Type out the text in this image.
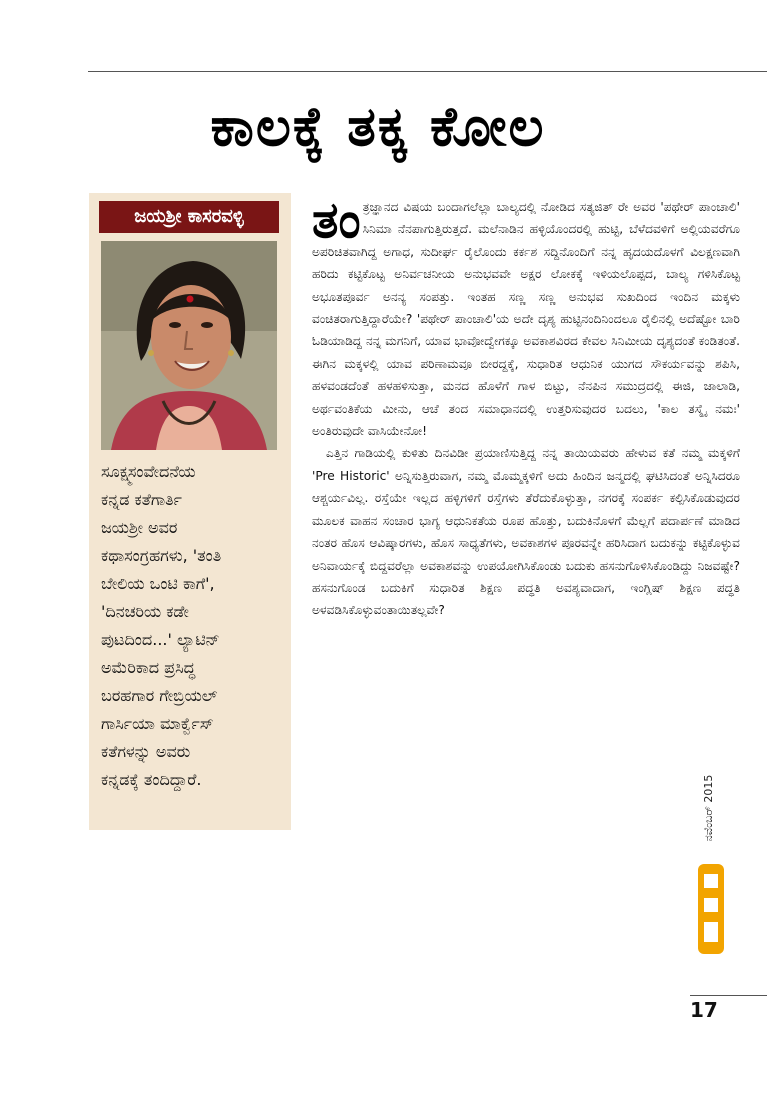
ಕಾಲಕ್ಕೆ ತಕ್ಕ ಕೋಲ
ಜಯಶ್ರೀ ಕಾಸರವಳ್ಳಿ
ಸೂಕ್ಷ್ಮಸಂವೇದನೆಯ
ಕನ್ನಡ ಕತೆಗಾರ್ತಿ
ಜಯಶ್ರೀ ಅವರ
ಕಥಾಸಂಗ್ರಹಗಳು, 'ತಂತಿ
ಬೇಲಿಯ ಒಂಟಿ ಕಾಗೆ',
'ದಿನಚರಿಯ ಕಡೇ
ಪುಟದಿಂದ...' ಲ್ಯಾಟಿನ್
ಅಮೆರಿಕಾದ ಪ್ರಸಿದ್ಧ
ಬರಹಗಾರ ಗೇಬ್ರಿಯಲ್
ಗಾರ್ಸಿಯಾ ಮಾರ್ಕ್ವೆಸ್
ಕತೆಗಳನ್ನು ಅವರು
ಕನ್ನಡಕ್ಕೆ ತಂದಿದ್ದಾರೆ.

ತಂತ್ರಜ್ಞಾನದ ವಿಷಯ ಬಂದಾಗಲೆಲ್ಲಾ ಬಾಲ್ಯದಲ್ಲಿ ನೋಡಿದ ಸತ್ಯಜಿತ್ ರೇ ಅವರ 'ಪಥೇರ್ ಪಾಂಚಾಲಿ' ಸಿನಿಮಾ ನೆನಪಾಗುತ್ತಿರುತ್ತದೆ. ಮಲೆನಾಡಿನ ಹಳ್ಳಿಯೊಂದರಲ್ಲಿ ಹುಟ್ಟಿ, ಬೆಳೆದವಳಿಗೆ ಅಲ್ಲಿಯವರೆಗೂ ಅಪರಿಚಿತವಾಗಿದ್ದ ಅಗಾಧ, ಸುದೀರ್ಘ ರೈಲೊಂದು ಕರ್ಕಶ ಸದ್ದಿನೊಂದಿಗೆ ನನ್ನ ಹೃದಯದೊಳಗೆ ವಿಲಕ್ಷಣವಾಗಿ ಹರಿದು ಕಟ್ಟಿಕೊಟ್ಟ ಅನಿರ್ವಚನೀಯ ಅನುಭವವೇ ಅಕ್ಷರ ಲೋಕಕ್ಕೆ ಇಳಿಯಲೊಪ್ಪದ, ಬಾಲ್ಯ ಗಳಿಸಿಕೊಟ್ಟ ಅಭೂತಪೂರ್ವ ಅನನ್ಯ ಸಂಪತ್ತು. ಇಂತಹ ಸಣ್ಣ ಸಣ್ಣ ಅನುಭವ ಸುಖದಿಂದ ಇಂದಿನ ಮಕ್ಕಳು ವಂಚಿತರಾಗುತ್ತಿದ್ದಾರೆಯೇ? 'ಪಥೇರ್ ಪಾಂಚಾಲಿ'ಯ ಅದೇ ದೃಶ್ಯ ಹುಟ್ಟಿನಂದಿನಿಂದಲೂ ರೈಲಿನಲ್ಲಿ ಅದೆಷ್ಟೋ ಬಾರಿ ಓಡಿಯಾಡಿದ್ದ ನನ್ನ ಮಗನಿಗೆ, ಯಾವ ಭಾವೋದ್ವೇಗಕ್ಕೂ ಅವಕಾಶವಿರದ ಕೇವಲ ಸಿನಿಮೀಯ ದೃಶ್ಯದಂತೆ ಕಂಡಿತಂತೆ. ಈಗಿನ ಮಕ್ಕಳಲ್ಲಿ ಯಾವ ಪರಿಣಾಮವೂ ಬೀರದ್ದಕ್ಕೆ, ಸುಧಾರಿತ ಆಧುನಿಕ ಯುಗದ ಸೌಕರ್ಯವನ್ನು ಶಪಿಸಿ, ಹಳವಂಡದೆಂತೆ ಹಳಹಳಿಸುತ್ತಾ, ಮನದ ಹೊಳೆಗೆ ಗಾಳ ಬಿಟ್ಟು, ನೆನಪಿನ ಸಮುದ್ರದಲ್ಲಿ ಈಜಿ, ಜಾಲಾಡಿ, ಅರ್ಥವಂತಿಕೆಯ ಮೀನು, ಆಚೆ ತಂದ ಸಮಾಧಾನದಲ್ಲಿ ಉತ್ತರಿಸುವುದರ ಬದಲು, 'ಕಾಲ ತಸ್ಮೈ ನಮಃ' ಅಂತಿರುವುದೇ ವಾಸಿಯೇನೋ!

ಎತ್ತಿನ ಗಾಡಿಯಲ್ಲಿ ಕುಳಿತು ದಿನವಿಡೀ ಪ್ರಯಾಣಿಸುತ್ತಿದ್ದ ನನ್ನ ತಾಯಿಯವರು ಹೇಳುವ ಕತೆ ನಮ್ಮ ಮಕ್ಕಳಿಗೆ 'Pre Historic' ಅನ್ನಿಸುತ್ತಿರುವಾಗ, ನಮ್ಮ ಮೊಮ್ಮಕ್ಕಳಿಗೆ ಅದು ಹಿಂದಿನ ಜನ್ಮದಲ್ಲಿ ಘಟಿಸಿದಂತೆ ಅನ್ನಿಸಿದರೂ ಆಶ್ಚರ್ಯವಿಲ್ಲ. ರಸ್ತೆಯೇ ಇಲ್ಲದ ಹಳ್ಳಿಗಳಿಗೆ ರಸ್ತೆಗಳು ತೆರೆದುಕೊಳ್ಳುತ್ತಾ, ನಗರಕ್ಕೆ ಸಂಪರ್ಕ ಕಲ್ಪಿಸಿಕೊಡುವುದರ ಮೂಲಕ ವಾಹನ ಸಂಚಾರ ಭಾಗ್ಯ ಆಧುನಿಕತೆಯ ರೂಪ ಹೊತ್ತು, ಬದುಕಿನೊಳಗೆ ಮೆಲ್ಲಗೆ ಪದಾರ್ಪಣೆ ಮಾಡಿದ ನಂತರ ಹೊಸ ಆವಿಷ್ಕಾರಗಳು, ಹೊಸ ಸಾಧ್ಯತೆಗಳು, ಅವಕಾಶಗಳ ಪೂರವನ್ನೇ ಹರಿಸಿದಾಗ ಬದುಕನ್ನು ಕಟ್ಟಿಕೊಳ್ಳುವ ಅನಿವಾರ್ಯಕ್ಕೆ ಬಿದ್ದವರೆಲ್ಲಾ ಅವಕಾಶವನ್ನು ಉಪಯೋಗಿಸಿಕೊಂಡು ಬದುಕು ಹಸನುಗೊಳಿಸಿಕೊಂಡಿದ್ದು ನಿಜವಷ್ಟೇ? ಹಸನುಗೊಂಡ ಬದುಕಿಗೆ ಸುಧಾರಿತ ಶಿಕ್ಷಣ ಪದ್ಧತಿ ಅವಶ್ಯವಾದಾಗ, ಇಂಗ್ಲಿಷ್ ಶಿಕ್ಷಣ ಪದ್ಧತಿ ಅಳವಡಿಸಿಕೊಳ್ಳುವಂತಾಯಿತಲ್ಲವೇ?

ನವೆಂಬರ್ 2015
17
